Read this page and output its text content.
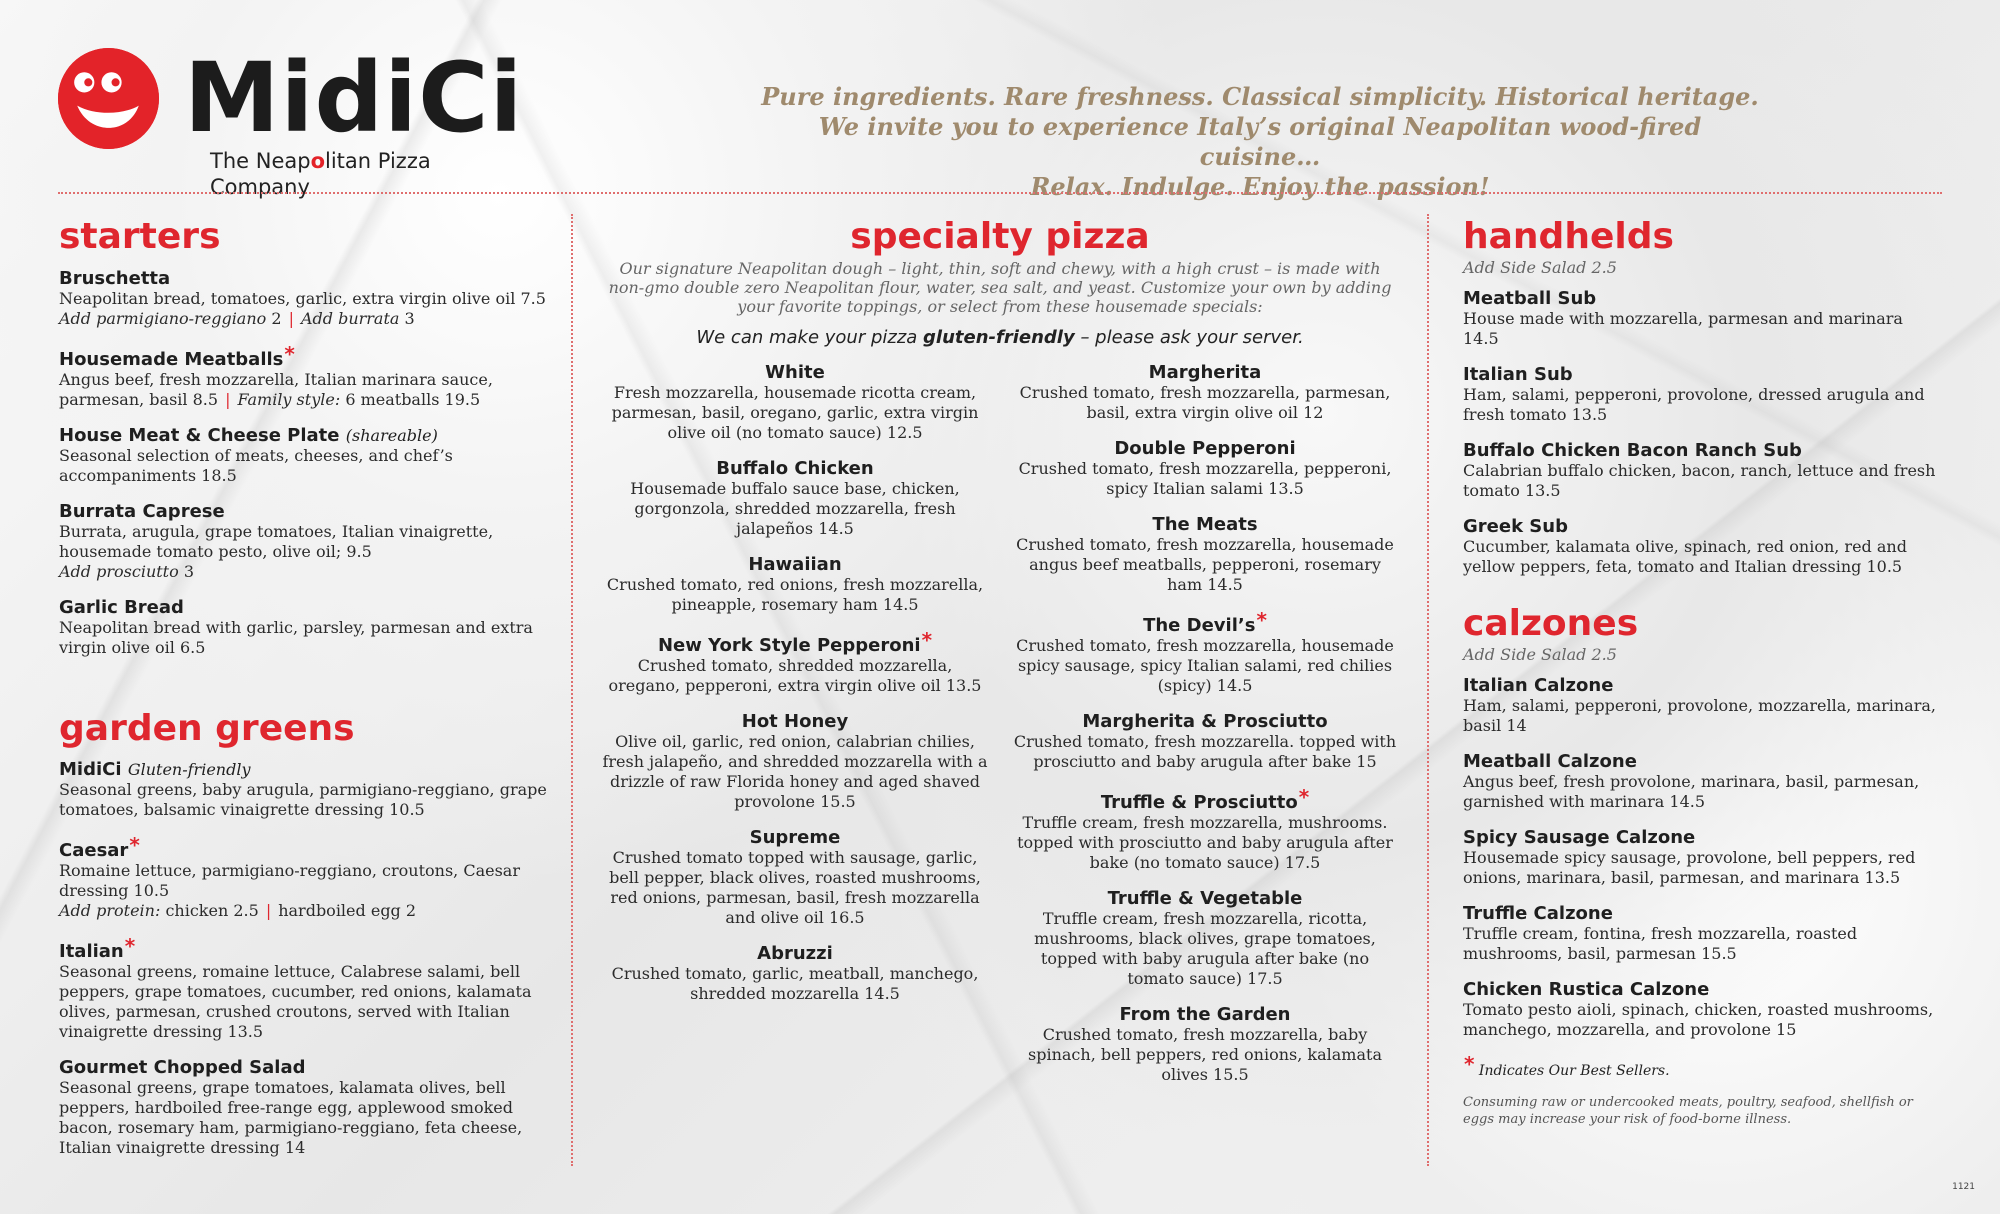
MidiCi
The Neapolitan Pizza Company
Pure ingredients. Rare freshness. Classical simplicity. Historical heritage.
We invite you to experience Italy’s original Neapolitan wood-fired cuisine…
Relax. Indulge. Enjoy the passion!
starters
Bruschetta
Neapolitan bread, tomatoes, garlic, extra virgin olive oil 7.5
Add parmigiano-reggiano 2 | Add burrata 3
Housemade Meatballs*
Angus beef, fresh mozzarella, Italian marinara sauce, parmesan, basil 8.5 | Family style: 6 meatballs 19.5
House Meat & Cheese Plate (shareable)
Seasonal selection of meats, cheeses, and chef’s accompaniments 18.5
Burrata Caprese
Burrata, arugula, grape tomatoes, Italian vinaigrette, housemade tomato pesto, olive oil; 9.5
Add prosciutto 3
Garlic Bread
Neapolitan bread with garlic, parsley, parmesan and extra virgin olive oil 6.5
garden greens
MidiCi Gluten-friendly
Seasonal greens, baby arugula, parmigiano-reggiano, grape tomatoes, balsamic vinaigrette dressing 10.5
Caesar*
Romaine lettuce, parmigiano-reggiano, croutons, Caesar dressing 10.5
Add protein: chicken 2.5 | hardboiled egg 2
Italian*
Seasonal greens, romaine lettuce, Calabrese salami, bell peppers, grape tomatoes, cucumber, red onions, kalamata olives, parmesan, crushed croutons, served with Italian vinaigrette dressing 13.5
Gourmet Chopped Salad
Seasonal greens, grape tomatoes, kalamata olives, bell peppers, hardboiled free-range egg, applewood smoked bacon, rosemary ham, parmigiano-reggiano, feta cheese, Italian vinaigrette dressing 14
specialty pizza

Our signature Neapolitan dough – light, thin, soft and chewy, with a high crust – is made with non-gmo double zero Neapolitan flour, water, sea salt, and yeast. Customize your own by adding your favorite toppings, or select from these housemade specials:

We can make your pizza gluten-friendly – please ask your server.

White
Fresh mozzarella, housemade ricotta cream, parmesan, basil, oregano, garlic, extra virgin olive oil (no tomato sauce) 12.5
Buffalo Chicken
Housemade buffalo sauce base, chicken, gorgonzola, shredded mozzarella, fresh jalapeños 14.5
Hawaiian
Crushed tomato, red onions, fresh mozzarella, pineapple, rosemary ham 14.5
New York Style Pepperoni*
Crushed tomato, shredded mozzarella, oregano, pepperoni, extra virgin olive oil 13.5
Hot Honey
Olive oil, garlic, red onion, calabrian chilies, fresh jalapeño, and shredded mozzarella with a drizzle of raw Florida honey and aged shaved provolone 15.5
Supreme
Crushed tomato topped with sausage, garlic, bell pepper, black olives, roasted mushrooms, red onions, parmesan, basil, fresh mozzarella and olive oil 16.5
Abruzzi
Crushed tomato, garlic, meatball, manchego, shredded mozzarella 14.5
Margherita
Crushed tomato, fresh mozzarella, parmesan, basil, extra virgin olive oil 12
Double Pepperoni
Crushed tomato, fresh mozzarella, pepperoni, spicy Italian salami 13.5
The Meats
Crushed tomato, fresh mozzarella, housemade angus beef meatballs, pepperoni, rosemary ham 14.5
The Devil’s*
Crushed tomato, fresh mozzarella, housemade spicy sausage, spicy Italian salami, red chilies (spicy) 14.5
Margherita & Prosciutto
Crushed tomato, fresh mozzarella. topped with prosciutto and baby arugula after bake 15
Truffle & Prosciutto*
Truffle cream, fresh mozzarella, mushrooms. topped with prosciutto and baby arugula after bake (no tomato sauce) 17.5
Truffle & Vegetable
Truffle cream, fresh mozzarella, ricotta, mushrooms, black olives, grape tomatoes, topped with baby arugula after bake (no tomato sauce) 17.5
From the Garden
Crushed tomato, fresh mozzarella, baby spinach, bell peppers, red onions, kalamata olives 15.5
handhelds
Add Side Salad 2.5
Meatball Sub
House made with mozzarella, parmesan and marinara 14.5
Italian Sub
Ham, salami, pepperoni, provolone, dressed arugula and fresh tomato 13.5
Buffalo Chicken Bacon Ranch Sub
Calabrian buffalo chicken, bacon, ranch, lettuce and fresh tomato 13.5
Greek Sub
Cucumber, kalamata olive, spinach, red onion, red and yellow peppers, feta, tomato and Italian dressing 10.5
calzones
Add Side Salad 2.5
Italian Calzone
Ham, salami, pepperoni, provolone, mozzarella, marinara, basil 14
Meatball Calzone
Angus beef, fresh provolone, marinara, basil, parmesan, garnished with marinara 14.5
Spicy Sausage Calzone
Housemade spicy sausage, provolone, bell peppers, red onions, marinara, basil, parmesan, and marinara 13.5
Truffle Calzone
Truffle cream, fontina, fresh mozzarella, roasted mushrooms, basil, parmesan 15.5
Chicken Rustica Calzone
Tomato pesto aioli, spinach, chicken, roasted mushrooms, manchego, mozzarella, and provolone 15
* Indicates Our Best Sellers.
Consuming raw or undercooked meats, poultry, seafood, shellfish or eggs may increase your risk of food-borne illness.
1121
